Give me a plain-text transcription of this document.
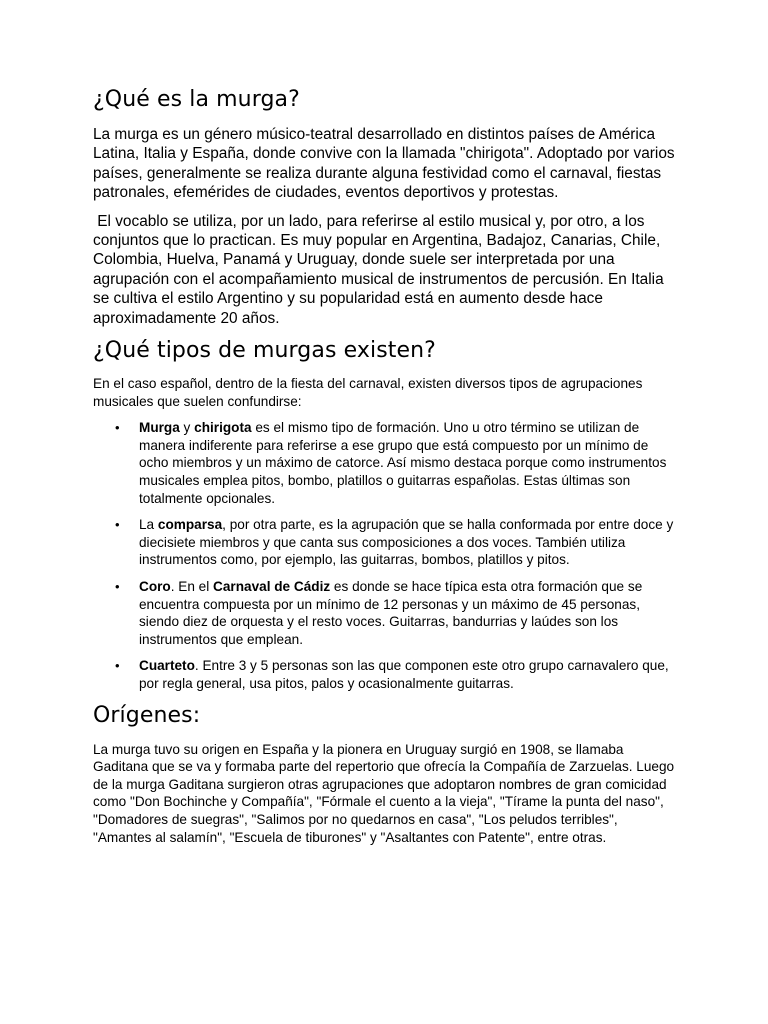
¿Qué es la murga?

La murga es un género músico-teatral desarrollado en distintos países de América Latina, Italia y España, donde convive con la llamada "chirigota". Adoptado por varios países, generalmente se realiza durante alguna festividad como el carnaval, fiestas patronales, efemérides de ciudades, eventos deportivos y protestas.

El vocablo se utiliza, por un lado, para referirse al estilo musical y, por otro, a los conjuntos que lo practican. Es muy popular en Argentina, Badajoz, Canarias, Chile, Colombia, Huelva, Panamá y Uruguay, donde suele ser interpretada por una agrupación con el acompañamiento musical de instrumentos de percusión. En Italia se cultiva el estilo Argentino y su popularidad está en aumento desde hace aproximadamente 20 años.

¿Qué tipos de murgas existen?

En el caso español, dentro de la fiesta del carnaval, existen diversos tipos de agrupaciones musicales que suelen confundirse:

• Murga y chirigota es el mismo tipo de formación. Uno u otro término se utilizan de manera indiferente para referirse a ese grupo que está compuesto por un mínimo de ocho miembros y un máximo de catorce. Así mismo destaca porque como instrumentos musicales emplea pitos, bombo, platillos o guitarras españolas. Estas últimas son totalmente opcionales.
• La comparsa, por otra parte, es la agrupación que se halla conformada por entre doce y diecisiete miembros y que canta sus composiciones a dos voces. También utiliza instrumentos como, por ejemplo, las guitarras, bombos, platillos y pitos.
• Coro. En el Carnaval de Cádiz es donde se hace típica esta otra formación que se encuentra compuesta por un mínimo de 12 personas y un máximo de 45 personas, siendo diez de orquesta y el resto voces. Guitarras, bandurrias y laúdes son los instrumentos que emplean.
• Cuarteto. Entre 3 y 5 personas son las que componen este otro grupo carnavalero que, por regla general, usa pitos, palos y ocasionalmente guitarras.
Orígenes:

La murga tuvo su origen en España y la pionera en Uruguay surgió en 1908, se llamaba Gaditana que se va y formaba parte del repertorio que ofrecía la Compañía de Zarzuelas. Luego de la murga Gaditana surgieron otras agrupaciones que adoptaron nombres de gran comicidad como "Don Bochinche y Compañía", "Fórmale el cuento a la vieja", "Tírame la punta del naso", "Domadores de suegras", "Salimos por no quedarnos en casa", "Los peludos terribles", "Amantes al salamín", "Escuela de tiburones" y "Asaltantes con Patente", entre otras.
